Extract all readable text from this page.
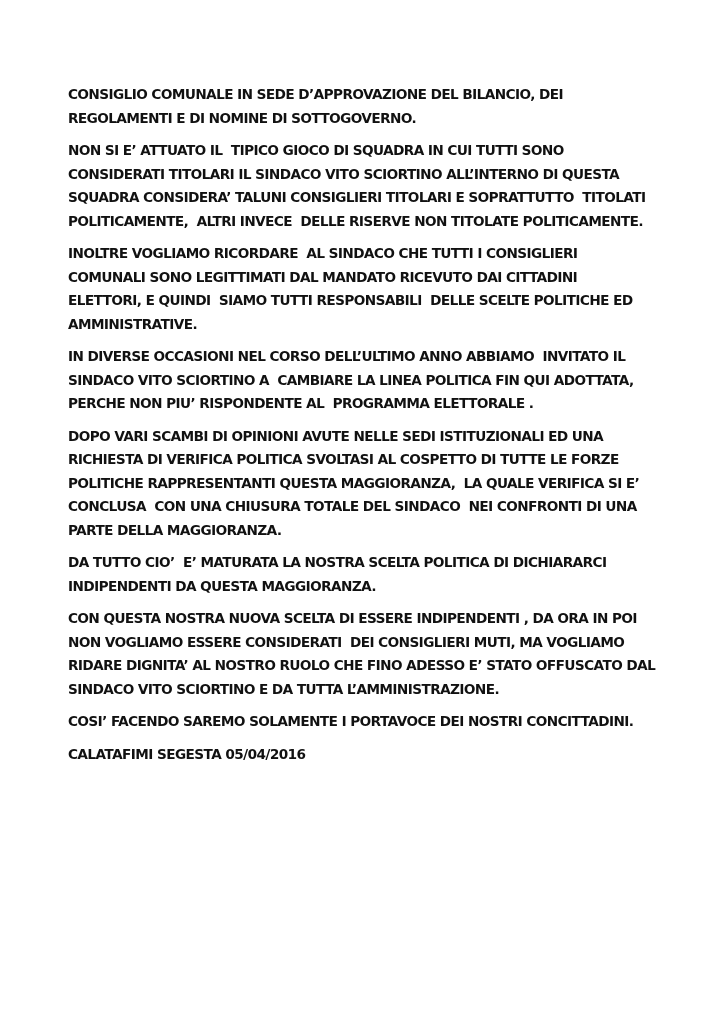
CONSIGLIO COMUNALE IN SEDE D’APPROVAZIONE DEL BILANCIO, DEI
REGOLAMENTI E DI NOMINE DI SOTTOGOVERNO.

NON SI E’ ATTUATO IL  TIPICO GIOCO DI SQUADRA IN CUI TUTTI SONO
CONSIDERATI TITOLARI IL SINDACO VITO SCIORTINO ALL’INTERNO DI QUESTA
SQUADRA CONSIDERA’ TALUNI CONSIGLIERI TITOLARI E SOPRATTUTTO  TITOLATI
POLITICAMENTE,  ALTRI INVECE  DELLE RISERVE NON TITOLATE POLITICAMENTE.

INOLTRE VOGLIAMO RICORDARE  AL SINDACO CHE TUTTI I CONSIGLIERI
COMUNALI SONO LEGITTIMATI DAL MANDATO RICEVUTO DAI CITTADINI
ELETTORI, E QUINDI  SIAMO TUTTI RESPONSABILI  DELLE SCELTE POLITICHE ED
AMMINISTRATIVE.

IN DIVERSE OCCASIONI NEL CORSO DELL’ULTIMO ANNO ABBIAMO  INVITATO IL
SINDACO VITO SCIORTINO A  CAMBIARE LA LINEA POLITICA FIN QUI ADOTTATA,
PERCHE NON PIU’ RISPONDENTE AL  PROGRAMMA ELETTORALE .

DOPO VARI SCAMBI DI OPINIONI AVUTE NELLE SEDI ISTITUZIONALI ED UNA
RICHIESTA DI VERIFICA POLITICA SVOLTASI AL COSPETTO DI TUTTE LE FORZE
POLITICHE RAPPRESENTANTI QUESTA MAGGIORANZA,  LA QUALE VERIFICA SI E’
CONCLUSA  CON UNA CHIUSURA TOTALE DEL SINDACO  NEI CONFRONTI DI UNA
PARTE DELLA MAGGIORANZA.

DA TUTTO CIO’  E’ MATURATA LA NOSTRA SCELTA POLITICA DI DICHIARARCI
INDIPENDENTI DA QUESTA MAGGIORANZA.

CON QUESTA NOSTRA NUOVA SCELTA DI ESSERE INDIPENDENTI , DA ORA IN POI
NON VOGLIAMO ESSERE CONSIDERATI  DEI CONSIGLIERI MUTI, MA VOGLIAMO
RIDARE DIGNITA’ AL NOSTRO RUOLO CHE FINO ADESSO E’ STATO OFFUSCATO DAL
SINDACO VITO SCIORTINO E DA TUTTA L’AMMINISTRAZIONE.

COSI’ FACENDO SAREMO SOLAMENTE I PORTAVOCE DEI NOSTRI CONCITTADINI.

CALATAFIMI SEGESTA 05/04/2016
